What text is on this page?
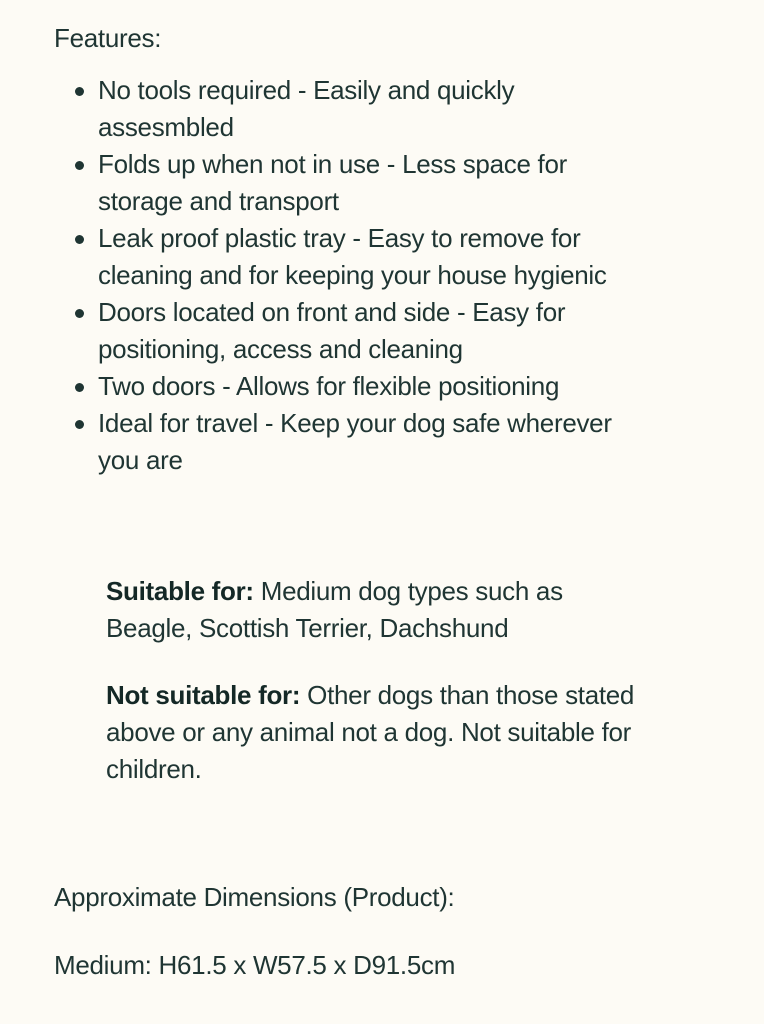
Features:
No tools required - Easily and quickly
assesmbled
Folds up when not in use - Less space for
storage and transport
Leak proof plastic tray - Easy to remove for
cleaning and for keeping your house hygienic
Doors located on front and side - Easy for
positioning, access and cleaning
Two doors - Allows for flexible positioning
Ideal for travel - Keep your dog safe wherever
you are

Suitable for: Medium dog types such as Beagle, Scottish Terrier, Dachshund

Not suitable for: Other dogs than those stated above or any animal not a dog. Not suitable for children.

Approximate Dimensions (Product):

Medium: H61.5 x W57.5 x D91.5cm
